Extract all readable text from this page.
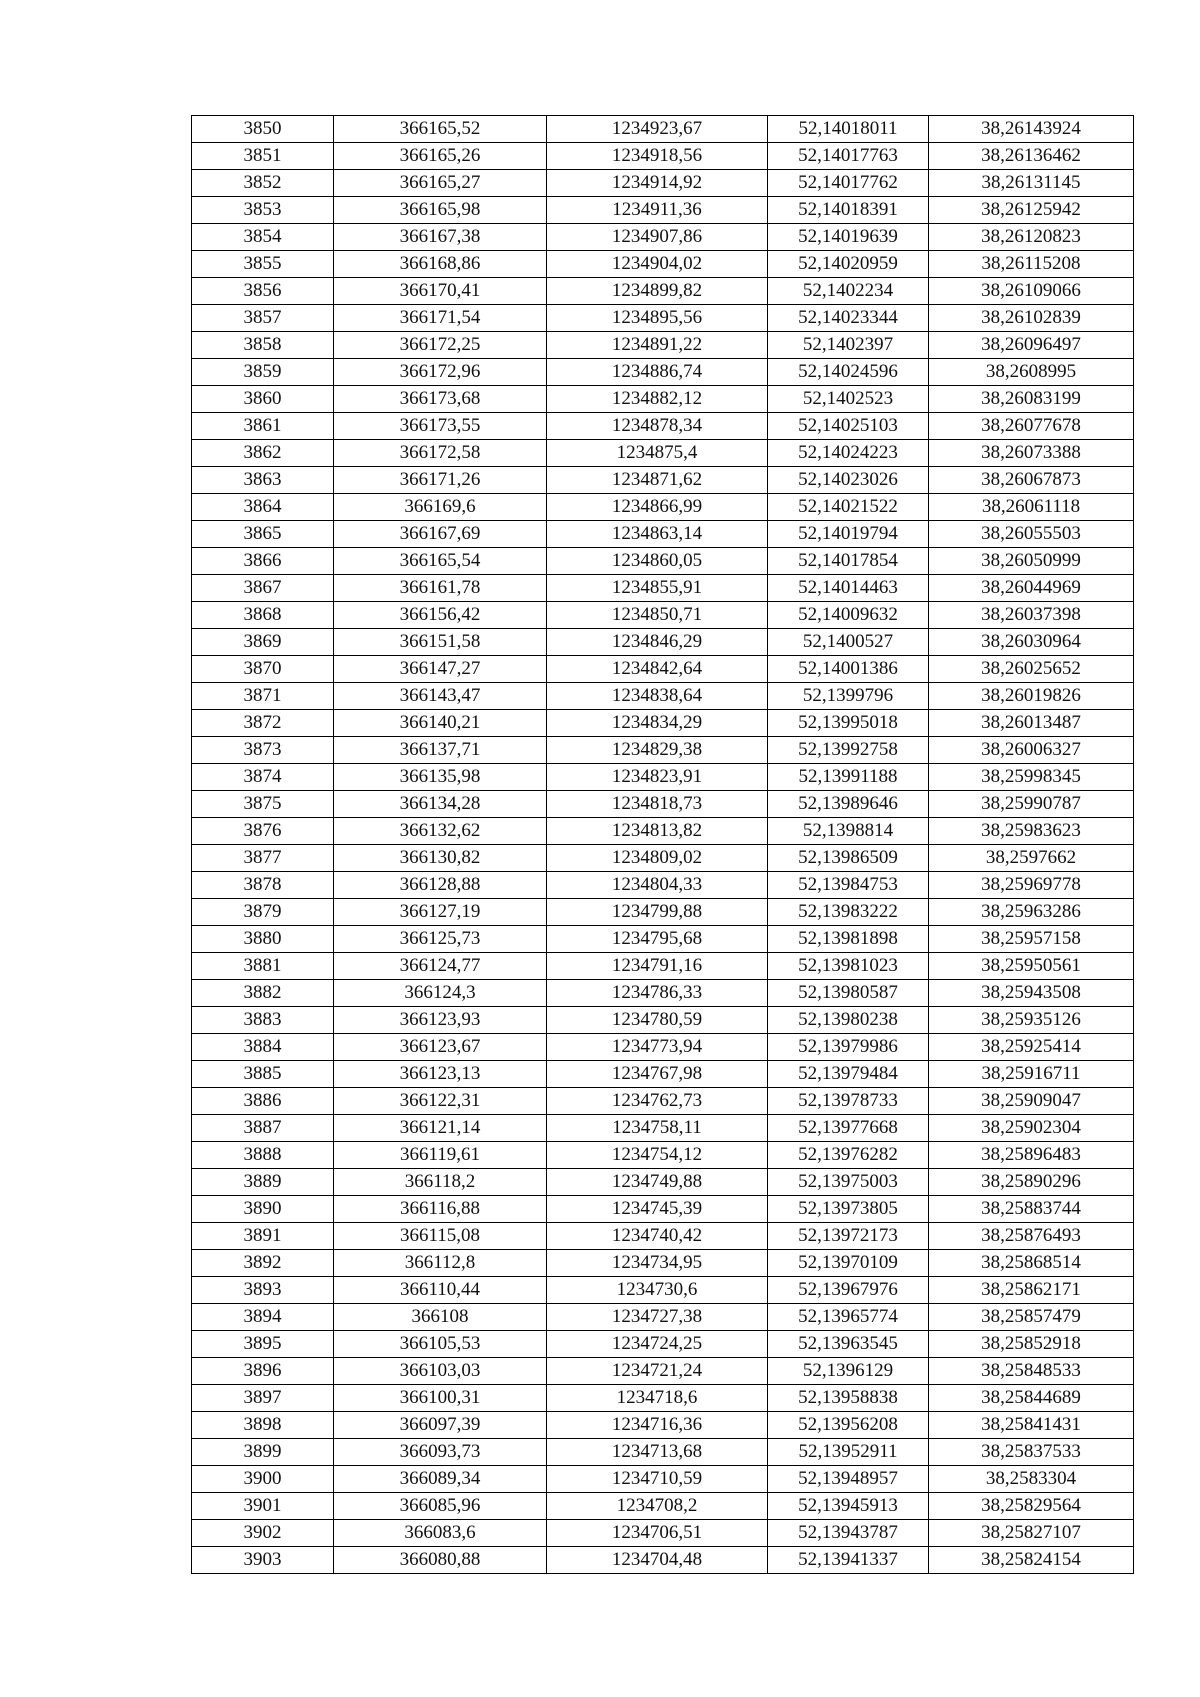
3850	366165,52	1234923,67	52,14018011	38,26143924
3851	366165,26	1234918,56	52,14017763	38,26136462
3852	366165,27	1234914,92	52,14017762	38,26131145
3853	366165,98	1234911,36	52,14018391	38,26125942
3854	366167,38	1234907,86	52,14019639	38,26120823
3855	366168,86	1234904,02	52,14020959	38,26115208
3856	366170,41	1234899,82	52,1402234	38,26109066
3857	366171,54	1234895,56	52,14023344	38,26102839
3858	366172,25	1234891,22	52,1402397	38,26096497
3859	366172,96	1234886,74	52,14024596	38,2608995
3860	366173,68	1234882,12	52,1402523	38,26083199
3861	366173,55	1234878,34	52,14025103	38,26077678
3862	366172,58	1234875,4	52,14024223	38,26073388
3863	366171,26	1234871,62	52,14023026	38,26067873
3864	366169,6	1234866,99	52,14021522	38,26061118
3865	366167,69	1234863,14	52,14019794	38,26055503
3866	366165,54	1234860,05	52,14017854	38,26050999
3867	366161,78	1234855,91	52,14014463	38,26044969
3868	366156,42	1234850,71	52,14009632	38,26037398
3869	366151,58	1234846,29	52,1400527	38,26030964
3870	366147,27	1234842,64	52,14001386	38,26025652
3871	366143,47	1234838,64	52,1399796	38,26019826
3872	366140,21	1234834,29	52,13995018	38,26013487
3873	366137,71	1234829,38	52,13992758	38,26006327
3874	366135,98	1234823,91	52,13991188	38,25998345
3875	366134,28	1234818,73	52,13989646	38,25990787
3876	366132,62	1234813,82	52,1398814	38,25983623
3877	366130,82	1234809,02	52,13986509	38,2597662
3878	366128,88	1234804,33	52,13984753	38,25969778
3879	366127,19	1234799,88	52,13983222	38,25963286
3880	366125,73	1234795,68	52,13981898	38,25957158
3881	366124,77	1234791,16	52,13981023	38,25950561
3882	366124,3	1234786,33	52,13980587	38,25943508
3883	366123,93	1234780,59	52,13980238	38,25935126
3884	366123,67	1234773,94	52,13979986	38,25925414
3885	366123,13	1234767,98	52,13979484	38,25916711
3886	366122,31	1234762,73	52,13978733	38,25909047
3887	366121,14	1234758,11	52,13977668	38,25902304
3888	366119,61	1234754,12	52,13976282	38,25896483
3889	366118,2	1234749,88	52,13975003	38,25890296
3890	366116,88	1234745,39	52,13973805	38,25883744
3891	366115,08	1234740,42	52,13972173	38,25876493
3892	366112,8	1234734,95	52,13970109	38,25868514
3893	366110,44	1234730,6	52,13967976	38,25862171
3894	366108	1234727,38	52,13965774	38,25857479
3895	366105,53	1234724,25	52,13963545	38,25852918
3896	366103,03	1234721,24	52,1396129	38,25848533
3897	366100,31	1234718,6	52,13958838	38,25844689
3898	366097,39	1234716,36	52,13956208	38,25841431
3899	366093,73	1234713,68	52,13952911	38,25837533
3900	366089,34	1234710,59	52,13948957	38,2583304
3901	366085,96	1234708,2	52,13945913	38,25829564
3902	366083,6	1234706,51	52,13943787	38,25827107
3903	366080,88	1234704,48	52,13941337	38,25824154
